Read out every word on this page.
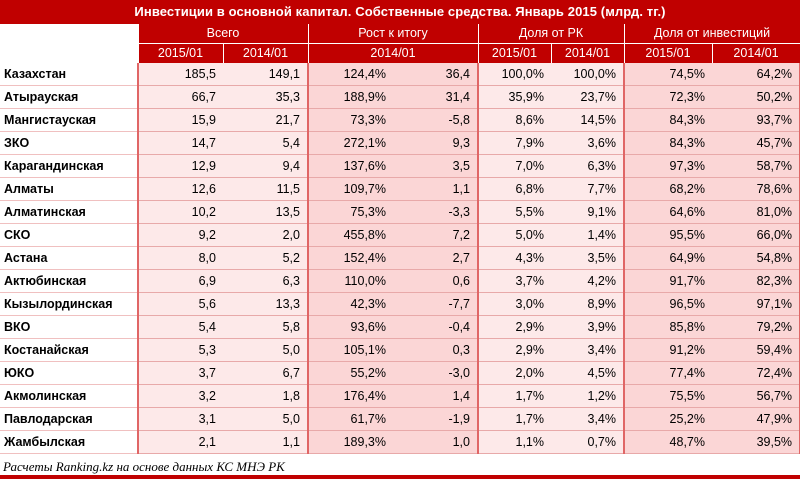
Инвестиции в основной капитал. Собственные средства. Январь 2015 (млрд. тг.)								
	Всего		Рост к итогу		Доля от РК		Доля от инвестиций	
	2015/01	2014/01	2014/01		2015/01	2014/01	2015/01	2014/01
Казахстан	185,5	149,1	124,4%	36,4	100,0%	100,0%	74,5%	64,2%
Атырауская	66,7	35,3	188,9%	31,4	35,9%	23,7%	72,3%	50,2%
Мангистауская	15,9	21,7	73,3%	-5,8	8,6%	14,5%	84,3%	93,7%
ЗКО	14,7	5,4	272,1%	9,3	7,9%	3,6%	84,3%	45,7%
Карагандинская	12,9	9,4	137,6%	3,5	7,0%	6,3%	97,3%	58,7%
Алматы	12,6	11,5	109,7%	1,1	6,8%	7,7%	68,2%	78,6%
Алматинская	10,2	13,5	75,3%	-3,3	5,5%	9,1%	64,6%	81,0%
СКО	9,2	2,0	455,8%	7,2	5,0%	1,4%	95,5%	66,0%
Астана	8,0	5,2	152,4%	2,7	4,3%	3,5%	64,9%	54,8%
Актюбинская	6,9	6,3	110,0%	0,6	3,7%	4,2%	91,7%	82,3%
Кызылординская	5,6	13,3	42,3%	-7,7	3,0%	8,9%	96,5%	97,1%
ВКО	5,4	5,8	93,6%	-0,4	2,9%	3,9%	85,8%	79,2%
Костанайская	5,3	5,0	105,1%	0,3	2,9%	3,4%	91,2%	59,4%
ЮКО	3,7	6,7	55,2%	-3,0	2,0%	4,5%	77,4%	72,4%
Акмолинская	3,2	1,8	176,4%	1,4	1,7%	1,2%	75,5%	56,7%
Павлодарская	3,1	5,0	61,7%	-1,9	1,7%	3,4%	25,2%	47,9%
Жамбылская	2,1	1,1	189,3%	1,0	1,1%	0,7%	48,7%	39,5%
Расчеты Ranking.kz на основе данных КС МНЭ РК
